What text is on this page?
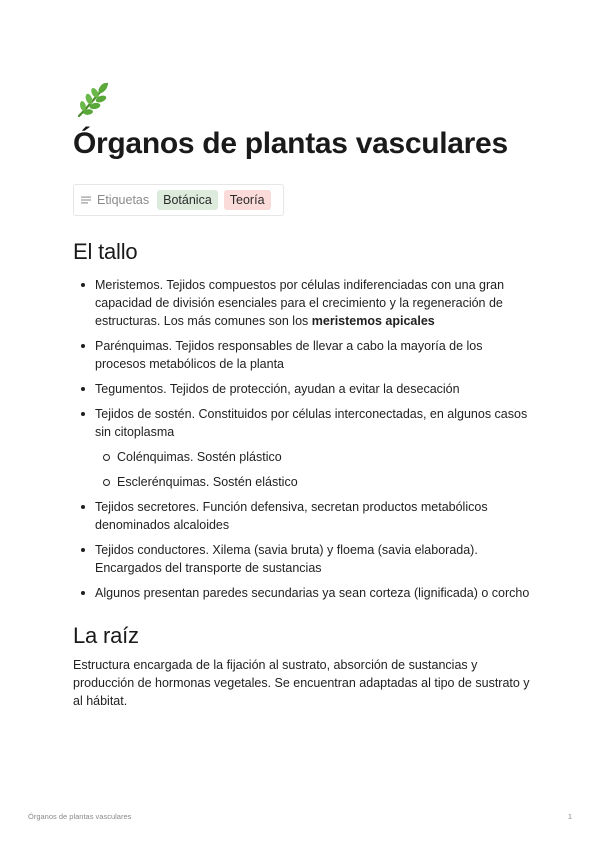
Órganos de plantas vasculares
Etiquetas	Botánica	Teoría
El tallo
Meristemos. Tejidos compuestos por células indiferenciadas con una gran capacidad de división esenciales para el crecimiento y la regeneración de estructuras. Los más comunes son los meristemos apicales
Parénquimas. Tejidos responsables de llevar a cabo la mayoría de los procesos metabólicos de la planta
Tegumentos. Tejidos de protección, ayudan a evitar la desecación
Tejidos de sostén. Constituidos por células interconectadas, en algunos casos sin citoplasma
Colénquimas. Sostén plástico
Esclerénquimas. Sostén elástico
Tejidos secretores. Función defensiva, secretan productos metabólicos denominados alcaloides
Tejidos conductores. Xilema (savia bruta) y floema (savia elaborada). Encargados del transporte de sustancias
Algunos presentan paredes secundarias ya sean corteza (lignificada) o corcho
La raíz

Estructura encargada de la fijación al sustrato, absorción de sustancias y producción de hormonas vegetales. Se encuentran adaptadas al tipo de sustrato y al hábitat.

Órganos de plantas vasculares	1
